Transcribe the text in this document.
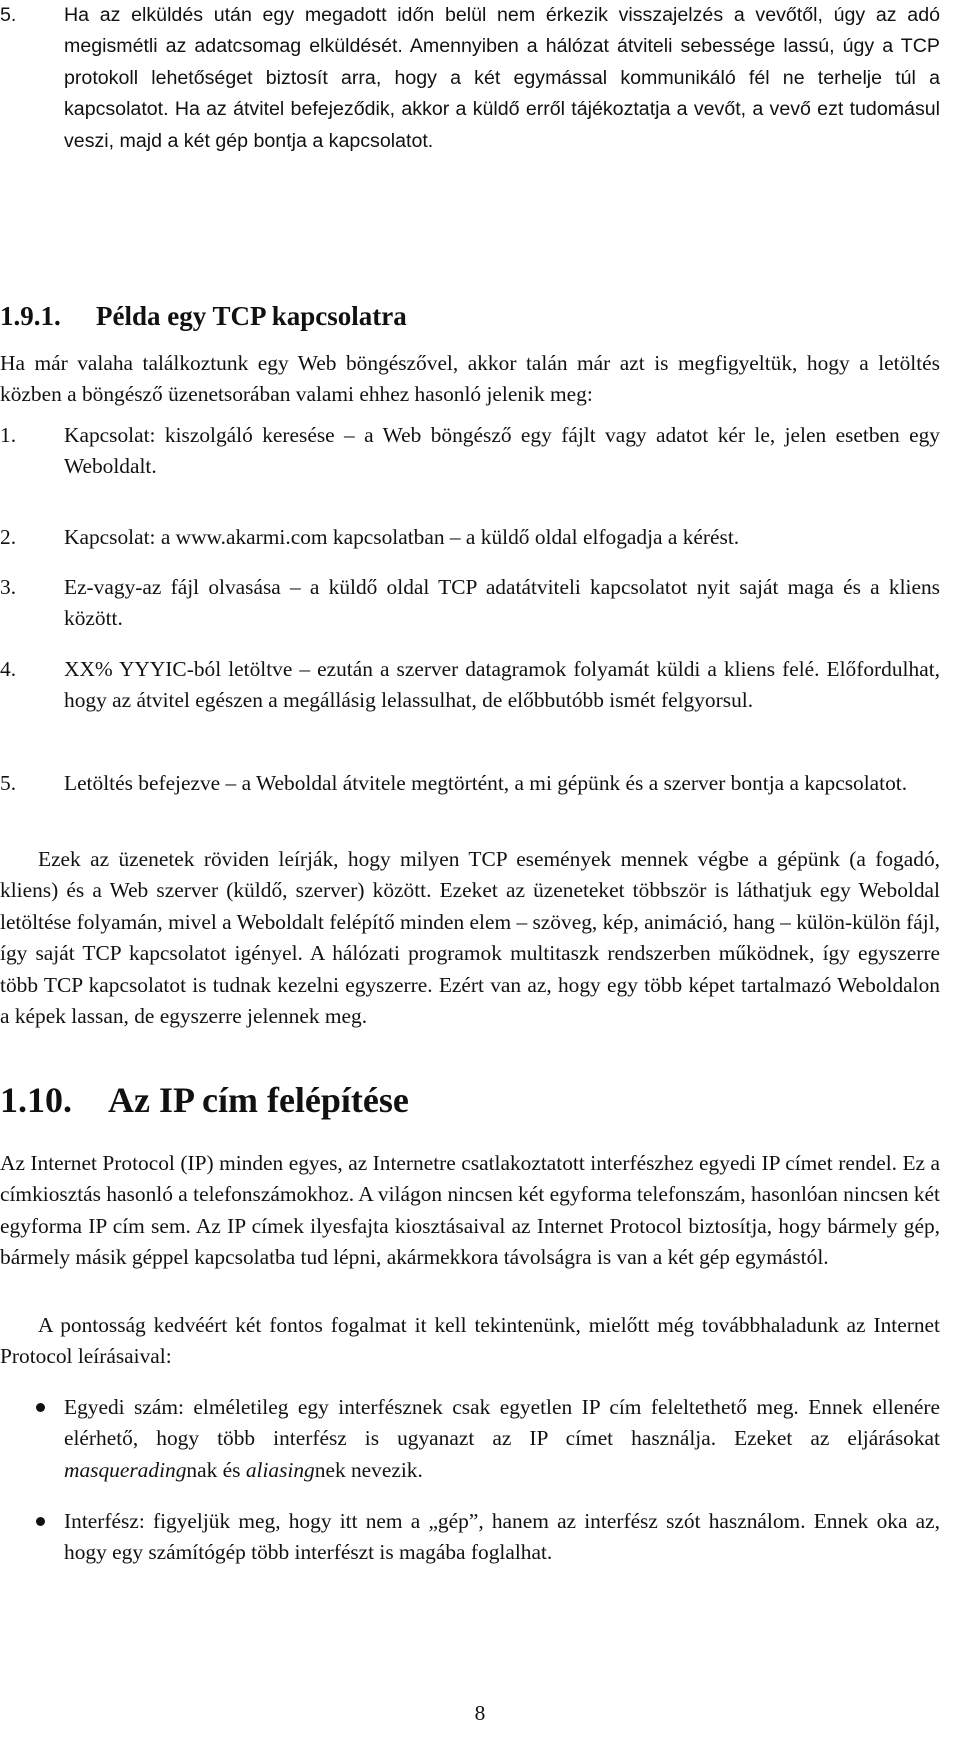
5. Ha az elküldés után egy megadott időn belül nem érkezik visszajelzés a vevőtől, úgy az adó megismétli az adatcsomag elküldését. Amennyiben a hálózat átviteli sebessége lassú, úgy a TCP protokoll lehetőséget biztosít arra, hogy a két egymással kommunikáló fél ne terhelje túl a kapcsolatot. Ha az átvitel befejeződik, akkor a küldő erről tájékoztatja a vevőt, a vevő ezt tudomásul veszi, majd a két gép bontja a kapcsolatot.

1.9.1. Példa egy TCP kapcsolatra

Ha már valaha találkoztunk egy Web böngészővel, akkor talán már azt is megfigyeltük, hogy a letöltés közben a böngésző üzenetsorában valami ehhez hasonló jelenik meg:

1. Kapcsolat: kiszolgáló keresése – a Web böngésző egy fájlt vagy adatot kér le, jelen esetben egy Weboldalt.

2. Kapcsolat: a www.akarmi.com kapcsolatban – a küldő oldal elfogadja a kérést.

3. Ez-vagy-az fájl olvasása – a küldő oldal TCP adatátviteli kapcsolatot nyit saját maga és a kliens között.

4. XX% YYYIC-ból letöltve – ezután a szerver datagramok folyamát küldi a kliens felé. Előfordulhat, hogy az átvitel egészen a megállásig lelassulhat, de előbbutóbb ismét felgyorsul.

5. Letöltés befejezve – a Weboldal átvitele megtörtént, a mi gépünk és a szerver bontja a kapcsolatot.

Ezek az üzenetek röviden leírják, hogy milyen TCP események mennek végbe a gépünk (a fogadó, kliens) és a Web szerver (küldő, szerver) között. Ezeket az üzeneteket többször is láthatjuk egy Weboldal letöltése folyamán, mivel a Weboldalt felépítő minden elem – szöveg, kép, animáció, hang – külön-külön fájl, így saját TCP kapcsolatot igényel. A hálózati programok multitaszk rendszerben működnek, így egyszerre több TCP kapcsolatot is tudnak kezelni egyszerre. Ezért van az, hogy egy több képet tartalmazó Weboldalon a képek lassan, de egyszerre jelennek meg.

1.10. Az IP cím felépítése

Az Internet Protocol (IP) minden egyes, az Internetre csatlakoztatott interfészhez egyedi IP címet rendel. Ez a címkiosztás hasonló a telefonszámokhoz. A világon nincsen két egyforma telefonszám, hasonlóan nincsen két egyforma IP cím sem. Az IP címek ilyesfajta kiosztásaival az Internet Protocol biztosítja, hogy bármely gép, bármely másik géppel kapcsolatba tud lépni, akármekkora távolságra is van a két gép egymástól.

A pontosság kedvéért két fontos fogalmat it kell tekintenünk, mielőtt még továbbhaladunk az Internet Protocol leírásaival:

Egyedi szám: elméletileg egy interfésznek csak egyetlen IP cím feleltethető meg. Ennek ellenére elérhető, hogy több interfész is ugyanazt az IP címet használja. Ezeket az eljárásokat masqueradingnak és aliasingnek nevezik.

Interfész: figyeljük meg, hogy itt nem a „gép”, hanem az interfész szót használom. Ennek oka az, hogy egy számítógép több interfészt is magába foglalhat.

8
